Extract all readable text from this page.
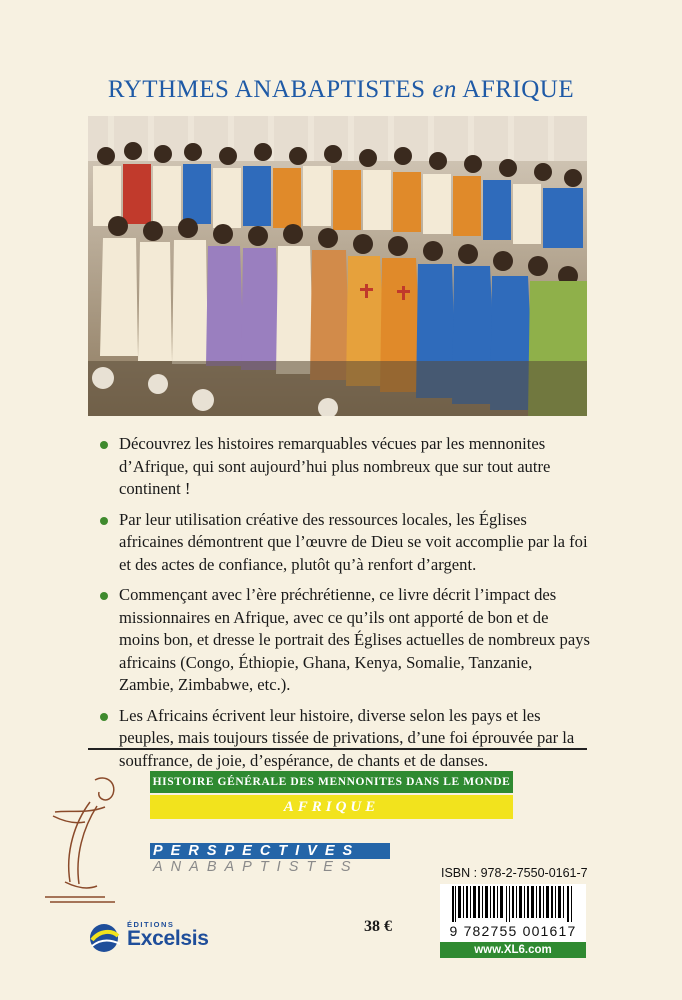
RYTHMES ANABAPTISTES en AFRIQUE
Découvrez les histoires remarquables vécues par les mennonites d’Afrique, qui sont aujourd’hui plus nombreux que sur tout autre continent !
Par leur utilisation créative des ressources locales, les Églises africaines démontrent que l’œuvre de Dieu se voit accomplie par la foi et des actes de confiance, plutôt qu’à renfort d’argent.
Commençant avec l’ère préchrétienne, ce livre décrit l’impact des missionnaires en Afrique, avec ce qu’ils ont apporté de bon et de moins bon, et dresse le portrait des Églises actuelles de nombreux pays africains (Congo, Éthiopie, Ghana, Kenya, Somalie, Tanzanie, Zambie, Zimbabwe, etc.).
Les Africains écrivent leur histoire, diverse selon les pays et les peuples, mais toujours tissée de privations, d’une foi éprouvée par la souffrance, de joie, d’espérance, de chants et de danses.
HISTOIRE GÉNÉRALE DES MENNONITES DANS LE MONDE
AFRIQUE
PERSPECTIVES
ANABAPTISTES
ÉDITIONS
Excelsis
38 €
ISBN : 978-2-7550-0161-7
9 782755 001617
www.XL6.com
